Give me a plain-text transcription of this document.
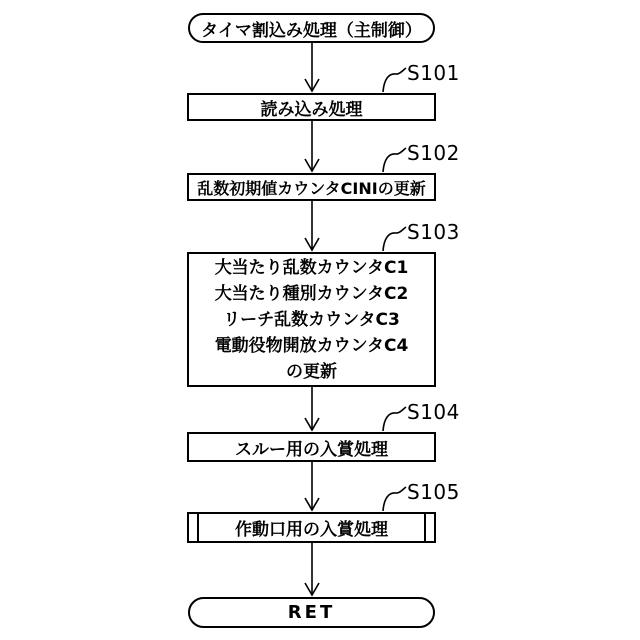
タイマ割込み処理（主制御）
S101
読み込み処理
S102
乱数初期値カウンタCINIの更新
S103
大当たり乱数カウンタC1
大当たり種別カウンタC2
リーチ乱数カウンタC3
電動役物開放カウンタC4
の更新
S104
スルー用の入賞処理
S105
作動口用の入賞処理
RET
